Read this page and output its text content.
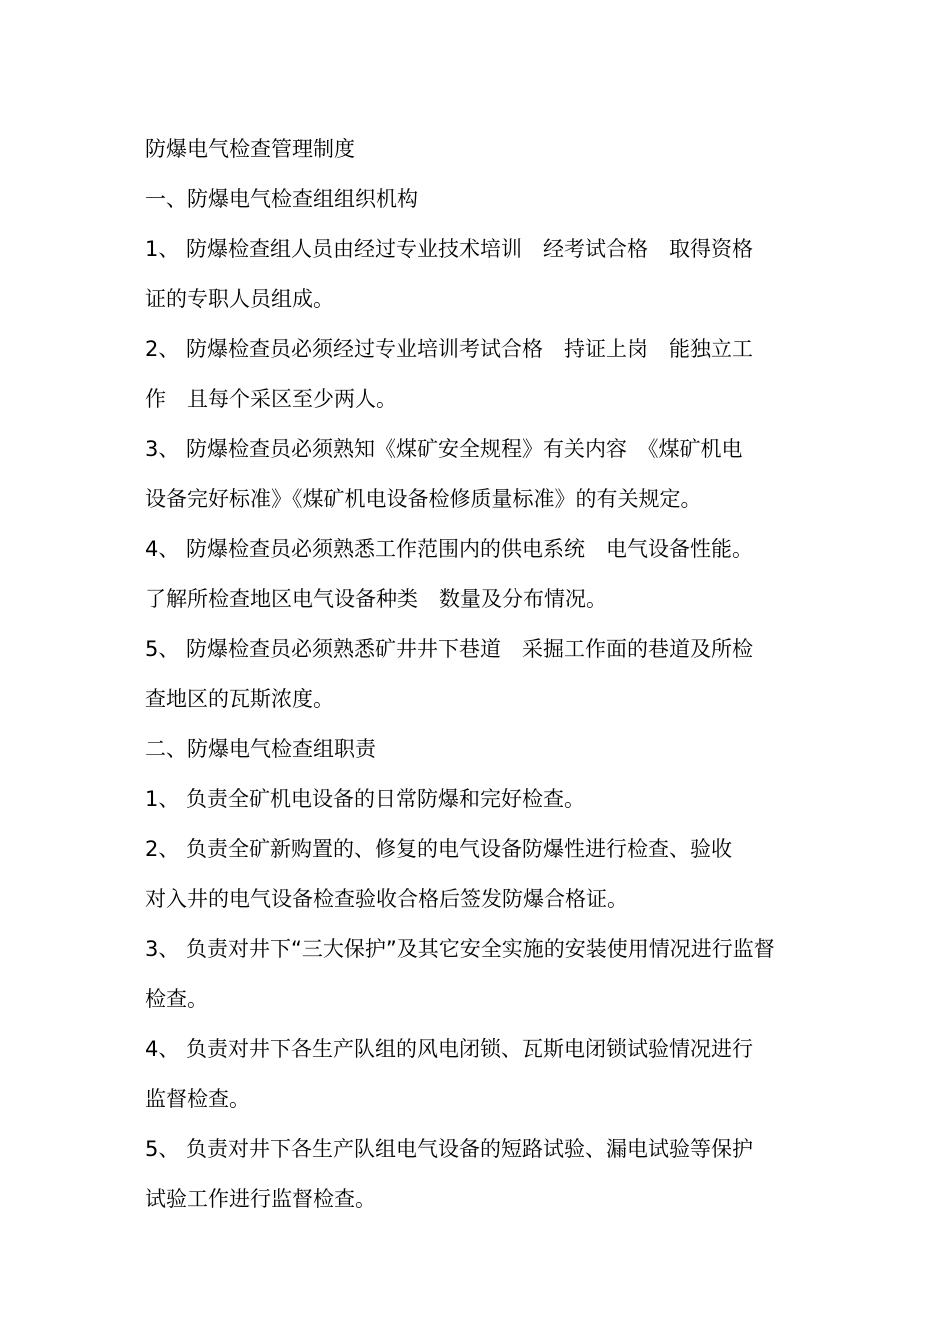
防爆电气检查管理制度
一、防爆电气检查组组织机构
1、 防爆检查组人员由经过专业技术培训　经考试合格　取得资格
证的专职人员组成。
2、 防爆检查员必须经过专业培训考试合格　持证上岗　能独立工
作　且每个采区至少两人。
3、 防爆检查员必须熟知《煤矿安全规程》有关内容　《煤矿机电
设备完好标准》《煤矿机电设备检修质量标准》的有关规定。
4、 防爆检查员必须熟悉工作范围内的供电系统　电气设备性能。
了解所检查地区电气设备种类　数量及分布情况。
5、 防爆检查员必须熟悉矿井井下巷道　采掘工作面的巷道及所检
查地区的瓦斯浓度。
二、防爆电气检查组职责
1、 负责全矿机电设备的日常防爆和完好检查。
2、 负责全矿新购置的、修复的电气设备防爆性进行检查、验收
对入井的电气设备检查验收合格后签发防爆合格证。
3、 负责对井下“三大保护”及其它安全实施的安装使用情况进行监督
检查。
4、 负责对井下各生产队组的风电闭锁、瓦斯电闭锁试验情况进行
监督检查。
5、 负责对井下各生产队组电气设备的短路试验、漏电试验等保护
试验工作进行监督检查。
